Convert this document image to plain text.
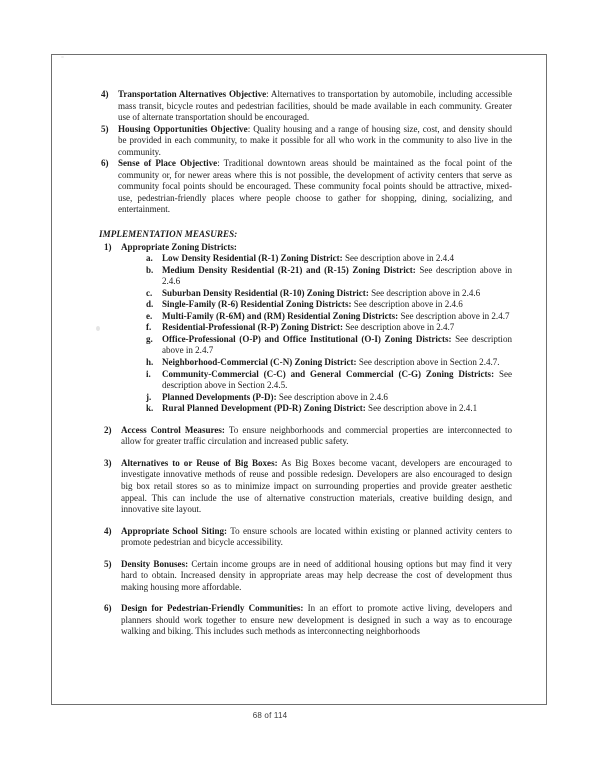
4)	Transportation Alternatives Objective: Alternatives to transportation by automobile, including accessible mass transit, bicycle routes and pedestrian facilities, should be made available in each community. Greater use of alternate transportation should be encouraged.
5)	Housing Opportunities Objective: Quality housing and a range of housing size, cost, and density should be provided in each community, to make it possible for all who work in the community to also live in the community.
6)	Sense of Place Objective: Traditional downtown areas should be maintained as the focal point of the community or, for newer areas where this is not possible, the development of activity centers that serve as community focal points should be encouraged. These community focal points should be attractive, mixed-use, pedestrian-friendly places where people choose to gather for shopping, dining, socializing, and entertainment.
IMPLEMENTATION MEASURES:
1)	Appropriate Zoning Districts:
a.	Low Density Residential (R-1) Zoning District: See description above in 2.4.4
b. Medium Density Residential (R-21) and (R-15) Zoning District: See description above in 2.4.6
c.	Suburban Density Residential (R-10) Zoning District: See description above in 2.4.6
d. Single-Family (R-6) Residential Zoning Districts: See description above in 2.4.6
e.	Multi-Family (R-6M) and (RM) Residential Zoning Districts: See description above in 2.4.7
f.	Residential-Professional (R-P) Zoning District: See description above in 2.4.7
g.	Office-Professional (O-P) and Office Institutional (O-I) Zoning Districts: See description above in 2.4.7
h. Neighborhood-Commercial (C-N) Zoning District: See description above in Section 2.4.7.
i.	Community-Commercial (C-C) and General Commercial (C-G) Zoning Districts: See description above in Section 2.4.5.
j.	Planned Developments (P-D): See description above in 2.4.6
k. Rural Planned Development (PD-R) Zoning District: See description above in 2.4.1
2)	Access Control Measures: To ensure neighborhoods and commercial properties are interconnected to allow for greater traffic circulation and increased public safety.
3)	Alternatives to or Reuse of Big Boxes: As Big Boxes become vacant, developers are encouraged to investigate innovative methods of reuse and possible redesign. Developers are also encouraged to design big box retail stores so as to minimize impact on surrounding properties and provide greater aesthetic appeal. This can include the use of alternative construction materials, creative building design, and innovative site layout.
4)	Appropriate School Siting: To ensure schools are located within existing or planned activity centers to promote pedestrian and bicycle accessibility.
5)	Density Bonuses: Certain income groups are in need of additional housing options but may find it very hard to obtain. Increased density in appropriate areas may help decrease the cost of development thus making housing more affordable.
6)	Design for Pedestrian-Friendly Communities: In an effort to promote active living, developers and planners should work together to ensure new development is designed in such a way as to encourage walking and biking. This includes such methods as interconnecting neighborhoods
68 of 114
